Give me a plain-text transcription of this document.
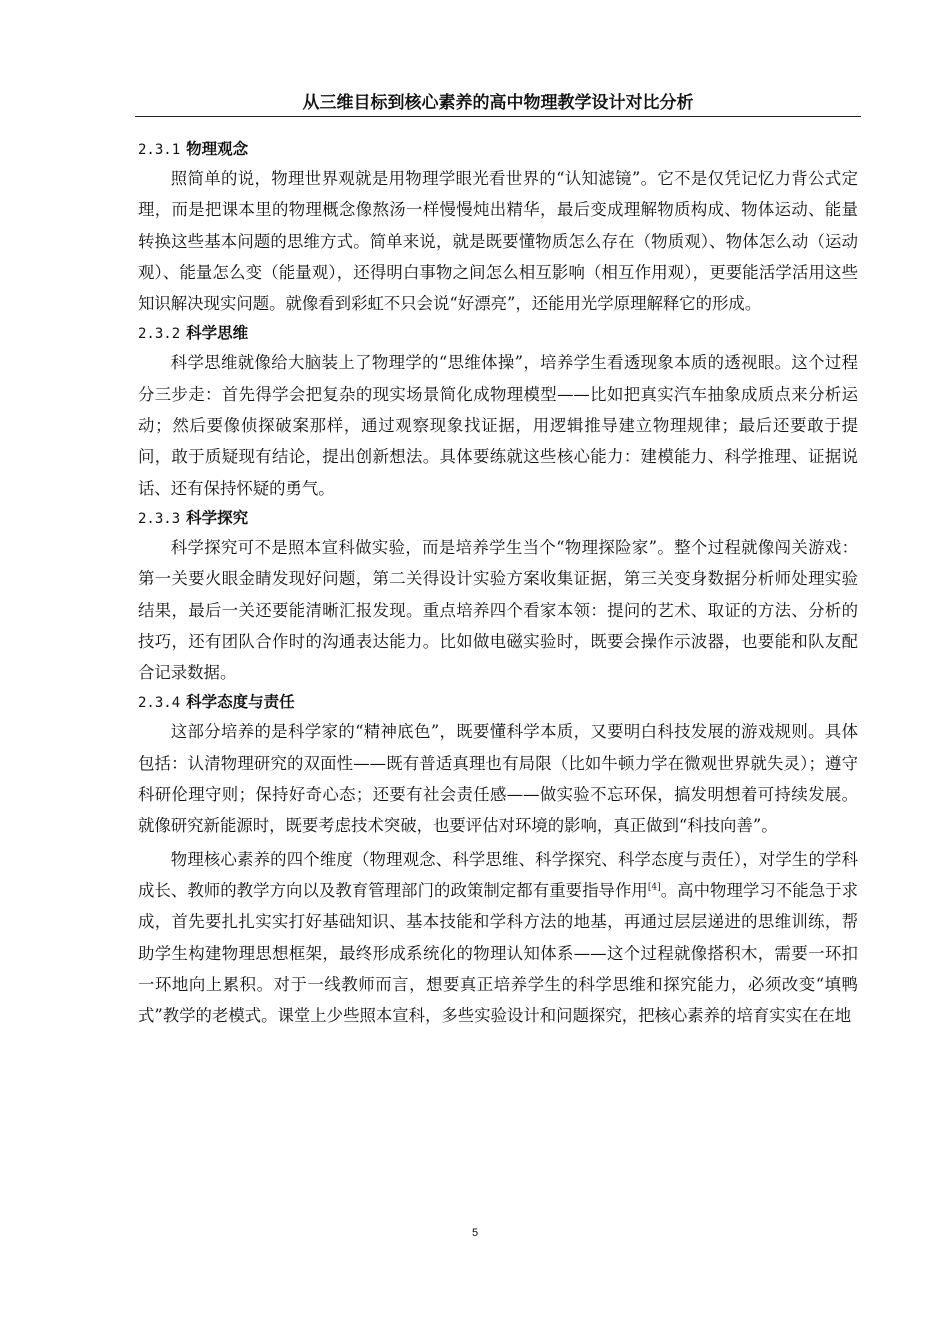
从三维目标到核心素养的高中物理教学设计对比分析
2.3.1 物理观念

照简单的说，物理世界观就是用物理学眼光看世界的“认知滤镜”。它不是仅凭记忆力背公式定理，而是把课本里的物理概念像熬汤一样慢慢炖出精华，最后变成理解物质构成、物体运动、能量转换这些基本问题的思维方式。简单来说，就是既要懂物质怎么存在（物质观）、物体怎么动（运动观）、能量怎么变（能量观），还得明白事物之间怎么相互影响（相互作用观），更要能活学活用这些知识解决现实问题。就像看到彩虹不只会说“好漂亮”，还能用光学原理解释它的形成。

2.3.2 科学思维

科学思维就像给大脑装上了物理学的“思维体操”，培养学生看透现象本质的透视眼。这个过程分三步走：首先得学会把复杂的现实场景简化成物理模型——比如把真实汽车抽象成质点来分析运动；然后要像侦探破案那样，通过观察现象找证据，用逻辑推导建立物理规律；最后还要敢于提问，敢于质疑现有结论，提出创新想法。具体要练就这些核心能力：建模能力、科学推理、证据说话、还有保持怀疑的勇气。

2.3.3 科学探究

科学探究可不是照本宣科做实验，而是培养学生当个“物理探险家”。整个过程就像闯关游戏：第一关要火眼金睛发现好问题，第二关得设计实验方案收集证据，第三关变身数据分析师处理实验结果，最后一关还要能清晰汇报发现。重点培养四个看家本领：提问的艺术、取证的方法、分析的技巧，还有团队合作时的沟通表达能力。比如做电磁实验时，既要会操作示波器，也要能和队友配合记录数据。

2.3.4 科学态度与责任

这部分培养的是科学家的“精神底色”，既要懂科学本质，又要明白科技发展的游戏规则。具体包括：认清物理研究的双面性——既有普适真理也有局限（比如牛顿力学在微观世界就失灵）；遵守科研伦理守则；保持好奇心态；还要有社会责任感——做实验不忘环保，搞发明想着可持续发展。就像研究新能源时，既要考虑技术突破，也要评估对环境的影响，真正做到“科技向善”。

物理核心素养的四个维度（物理观念、科学思维、科学探究、科学态度与责任），对学生的学科成长、教师的教学方向以及教育管理部门的政策制定都有重要指导作用[4]。高中物理学习不能急于求成，首先要扎扎实实打好基础知识、基本技能和学科方法的地基，再通过层层递进的思维训练，帮助学生构建物理思想框架，最终形成系统化的物理认知体系——这个过程就像搭积木，需要一环扣一环地向上累积。对于一线教师而言，想要真正培养学生的科学思维和探究能力，必须改变“填鸭式”教学的老模式。课堂上少些照本宣科，多些实验设计和问题探究，把核心素养的培育实实在在地

5
